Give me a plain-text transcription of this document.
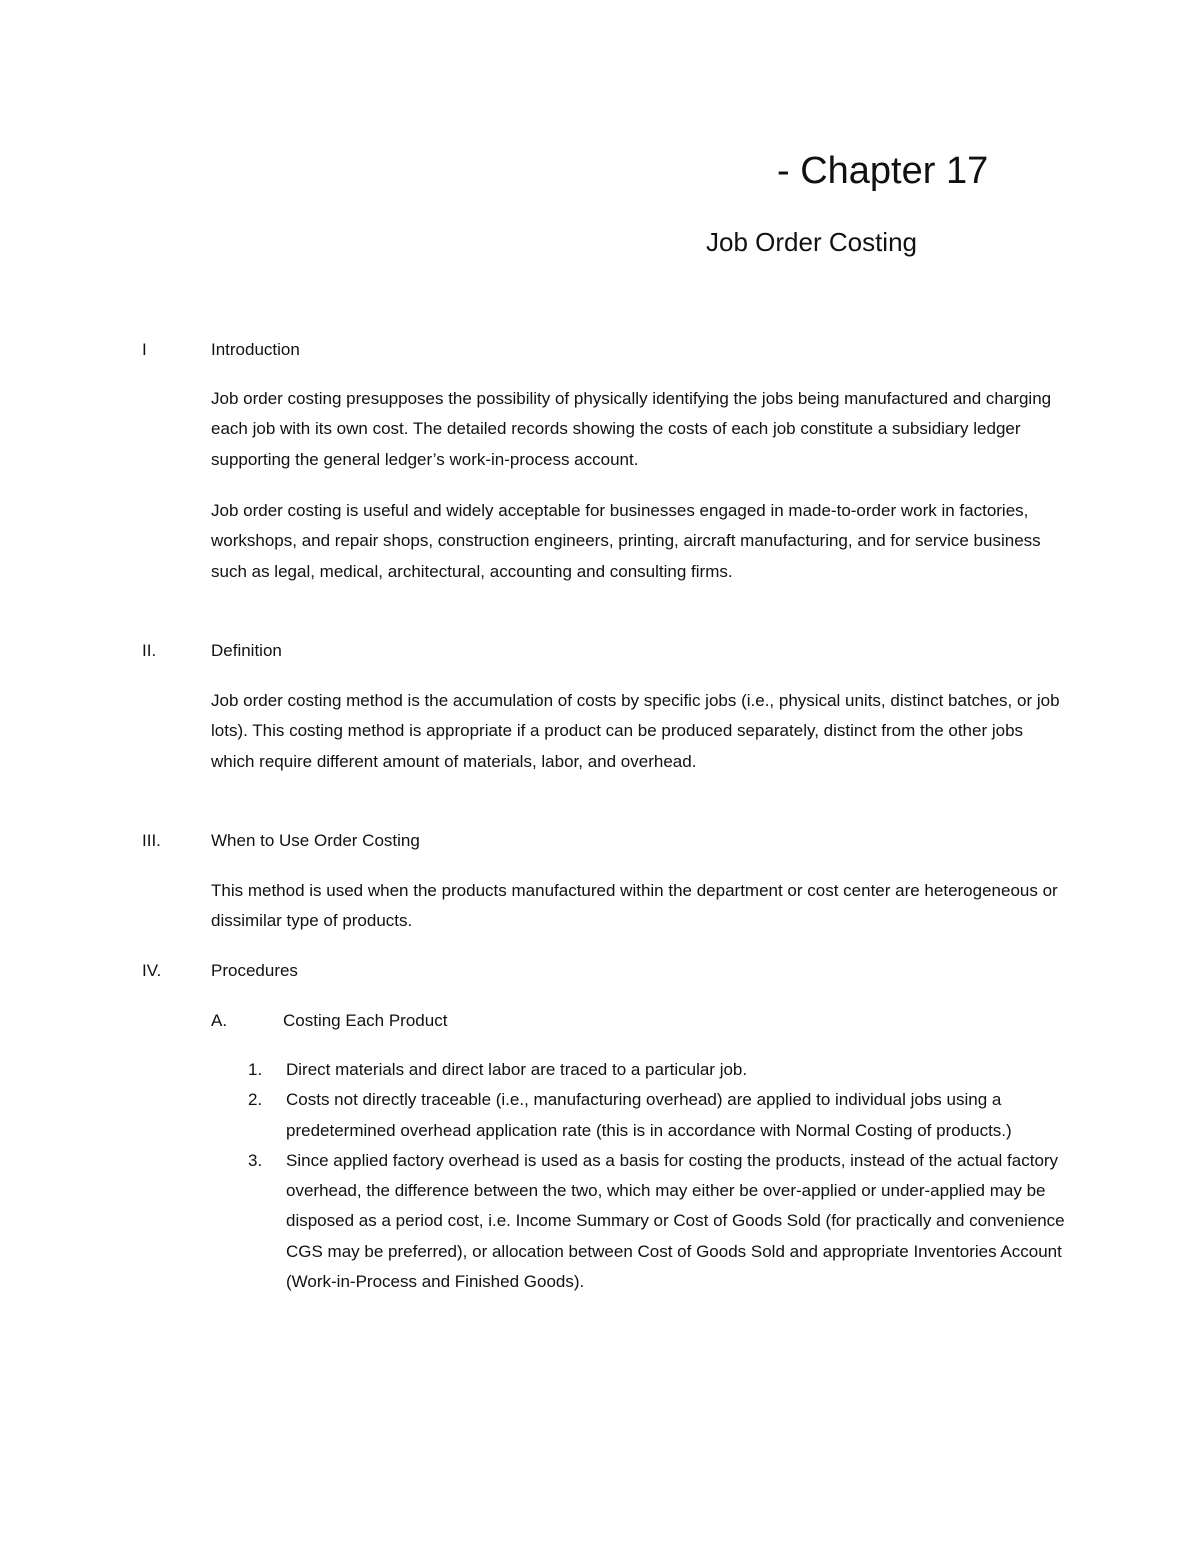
- Chapter 17
Job Order Costing
I	Introduction

Job order costing presupposes the possibility of physically identifying the jobs being manufactured and charging each job with its own cost. The detailed records showing the costs of each job constitute a subsidiary ledger supporting the general ledger’s work-in-process account.

Job order costing is useful and widely acceptable for businesses engaged in made-to-order work in factories, workshops, and repair shops, construction engineers, printing, aircraft manufacturing, and for service business such as legal, medical, architectural, accounting and consulting firms.

II.	Definition

Job order costing method is the accumulation of costs by specific jobs (i.e., physical units, distinct batches, or job lots). This costing method is appropriate if a product can be produced separately, distinct from the other jobs which require different amount of materials, labor, and overhead.

III.	When to Use Order Costing

This method is used when the products manufactured within the department or cost center are heterogeneous or dissimilar type of products.

IV.	Procedures
A.	Costing Each Product
1. Direct materials and direct labor are traced to a particular job.
2. Costs not directly traceable (i.e., manufacturing overhead) are applied to individual jobs using a predetermined overhead application rate (this is in accordance with Normal Costing of products.)
3. Since applied factory overhead is used as a basis for costing the products, instead of the actual factory overhead, the difference between the two, which may either be over-applied or under-applied may be disposed as a period cost, i.e. Income Summary or Cost of Goods Sold (for practically and convenience CGS may be preferred), or allocation between Cost of Goods Sold and appropriate Inventories Account (Work-in-Process and Finished Goods).
